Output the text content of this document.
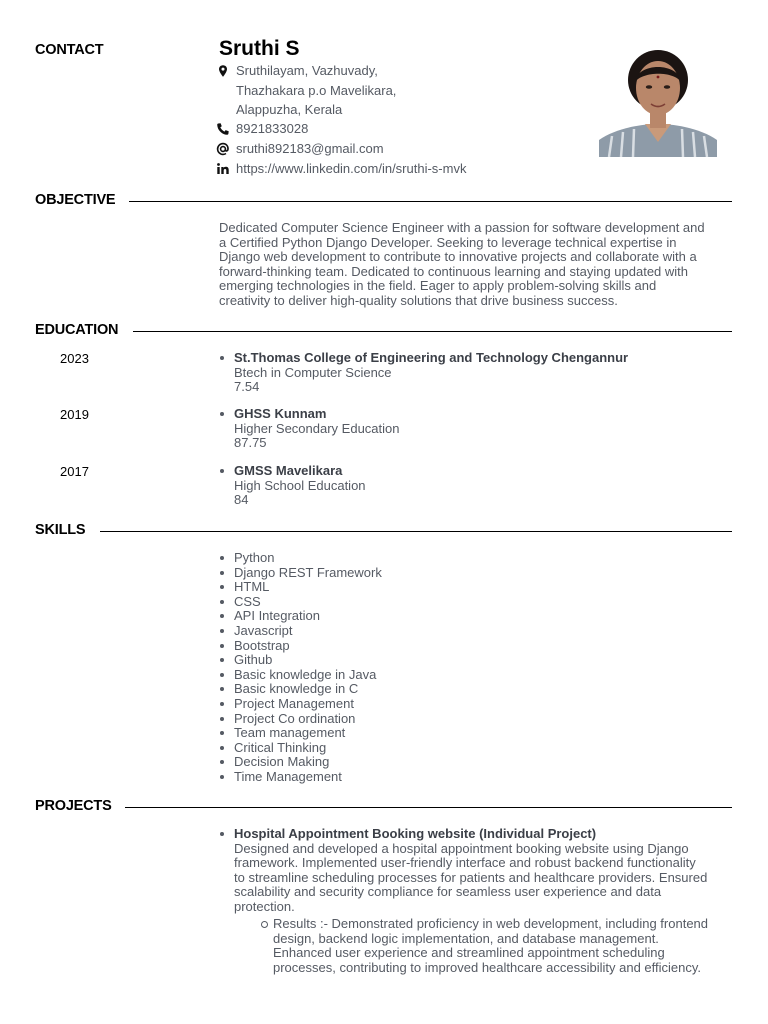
CONTACT
OBJECTIVE
EDUCATION
SKILLS
PROJECTS
Sruthi S
Sruthilayam, Vazhuvady,
Thazhakara p.o Mavelikara,
Alappuzha, Kerala
8921833028
sruthi892183@gmail.com
https://www.linkedin.com/in/sruthi-s-mvk
Dedicated Computer Science Engineer with a passion for software development and
a Certified Python Django Developer. Seeking to leverage technical expertise in
Django web development to contribute to innovative projects and collaborate with a
forward-thinking team. Dedicated to continuous learning and staying updated with
emerging technologies in the field. Eager to apply problem-solving skills and
creativity to deliver high-quality solutions that drive business success.
2023	St.Thomas College of Engineering and Technology Chengannur
Btech in Computer Science
7.54
2019	GHSS Kunnam
Higher Secondary Education
87.75
2017	GMSS Mavelikara
High School Education
84
Python
Django REST Framework
HTML
CSS
API Integration
Javascript
Bootstrap
Github
Basic knowledge in Java
Basic knowledge in C
Project Management
Project Co ordination
Team management
Critical Thinking
Decision Making
Time Management
Hospital Appointment Booking website (Individual Project)
Designed and developed a hospital appointment booking website using Django
framework. Implemented user-friendly interface and robust backend functionality
to streamline scheduling processes for patients and healthcare providers. Ensured
scalability and security compliance for seamless user experience and data
protection.
Results :- Demonstrated proficiency in web development, including frontend
design, backend logic implementation, and database management.
Enhanced user experience and streamlined appointment scheduling
processes, contributing to improved healthcare accessibility and efficiency.
